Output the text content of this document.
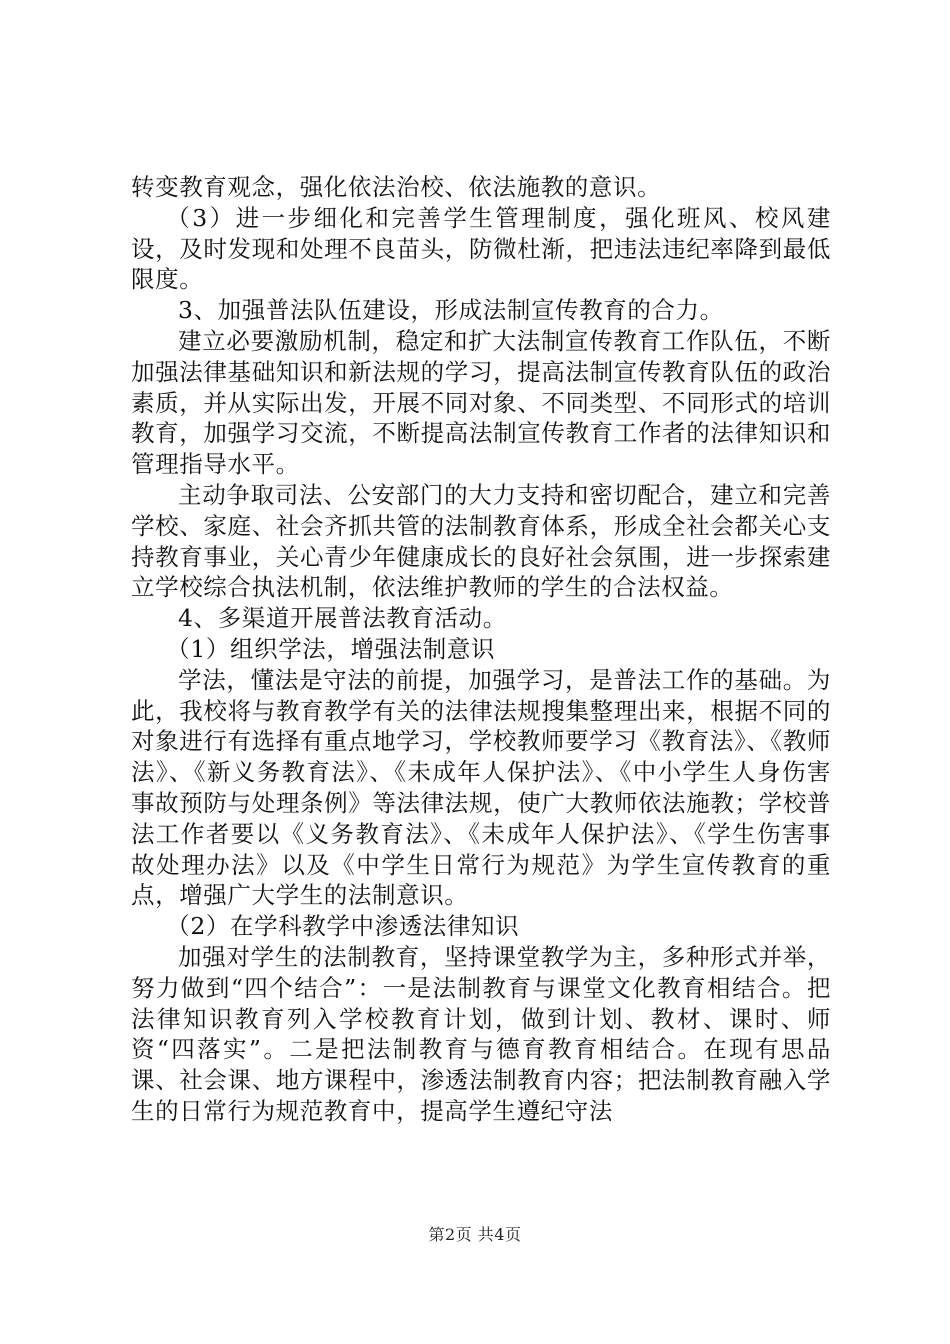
转变教育观念，强化依法治校、依法施教的意识。

（3）进一步细化和完善学生管理制度，强化班风、校风建设，及时发现和处理不良苗头，防微杜渐，把违法违纪率降到最低限度。

3、加强普法队伍建设，形成法制宣传教育的合力。

建立必要激励机制，稳定和扩大法制宣传教育工作队伍，不断加强法律基础知识和新法规的学习，提高法制宣传教育队伍的政治素质，并从实际出发，开展不同对象、不同类型、不同形式的培训教育，加强学习交流，不断提高法制宣传教育工作者的法律知识和管理指导水平。

主动争取司法、公安部门的大力支持和密切配合，建立和完善学校、家庭、社会齐抓共管的法制教育体系，形成全社会都关心支持教育事业，关心青少年健康成长的良好社会氛围，进一步探索建立学校综合执法机制，依法维护教师的学生的合法权益。

4、多渠道开展普法教育活动。

（1）组织学法，增强法制意识

学法，懂法是守法的前提，加强学习，是普法工作的基础。为此，我校将与教育教学有关的法律法规搜集整理出来，根据不同的对象进行有选择有重点地学习，学校教师要学习《教育法》、《教师法》、《新义务教育法》、《未成年人保护法》、《中小学生人身伤害事故预防与处理条例》等法律法规，使广大教师依法施教；学校普法工作者要以《义务教育法》、《未成年人保护法》、《学生伤害事故处理办法》以及《中学生日常行为规范》为学生宣传教育的重点，增强广大学生的法制意识。

（2）在学科教学中渗透法律知识

加强对学生的法制教育，坚持课堂教学为主，多种形式并举，努力做到“四个结合”：一是法制教育与课堂文化教育相结合。把法律知识教育列入学校教育计划，做到计划、教材、课时、师资“四落实”。二是把法制教育与德育教育相结合。在现有思品课、社会课、地方课程中，渗透法制教育内容；把法制教育融入学生的日常行为规范教育中，提高学生遵纪守法

第2页 共4页
